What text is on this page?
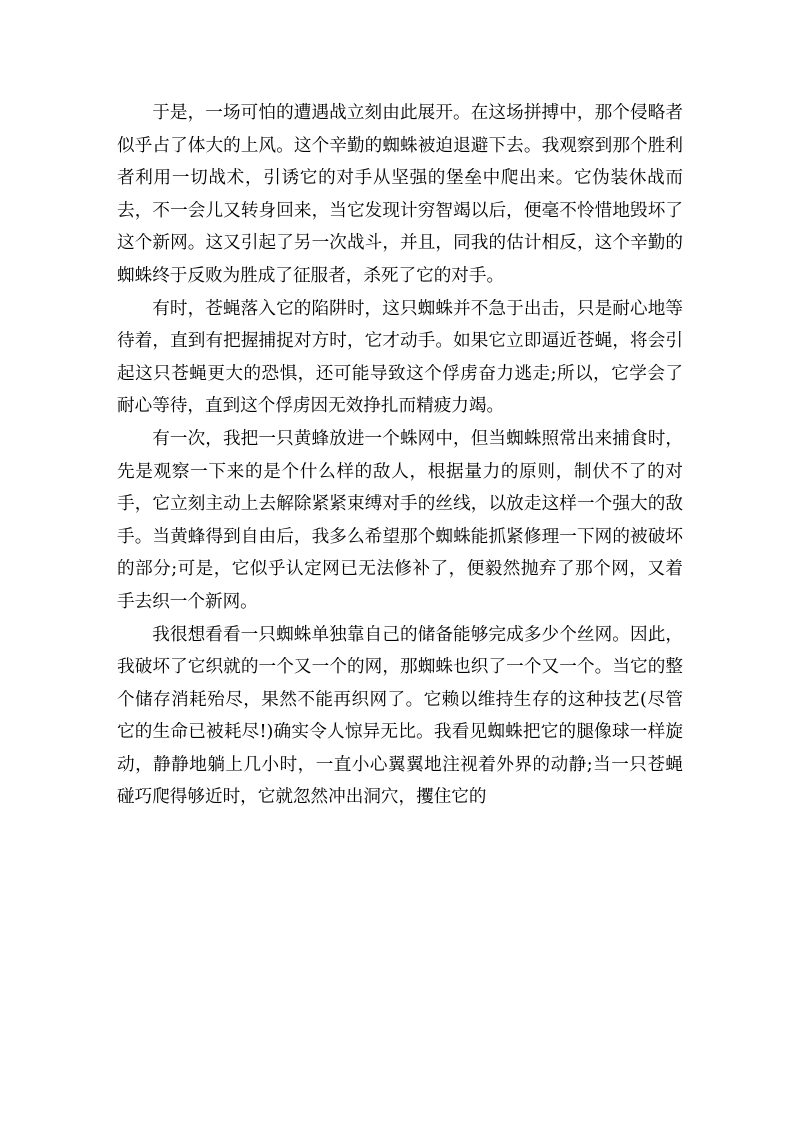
于是，一场可怕的遭遇战立刻由此展开。在这场拼搏中，那个侵略者似乎占了体大的上风。这个辛勤的蜘蛛被迫退避下去。我观察到那个胜利者利用一切战术，引诱它的对手从坚强的堡垒中爬出来。它伪装休战而去，不一会儿又转身回来，当它发现计穷智竭以后，便毫不怜惜地毁坏了这个新网。这又引起了另一次战斗，并且，同我的估计相反，这个辛勤的蜘蛛终于反败为胜成了征服者，杀死了它的对手。

有时，苍蝇落入它的陷阱时，这只蜘蛛并不急于出击，只是耐心地等待着，直到有把握捕捉对方时，它才动手。如果它立即逼近苍蝇，将会引起这只苍蝇更大的恐惧，还可能导致这个俘虏奋力逃走;所以，它学会了耐心等待，直到这个俘虏因无效挣扎而精疲力竭。

有一次，我把一只黄蜂放进一个蛛网中，但当蜘蛛照常出来捕食时，先是观察一下来的是个什么样的敌人，根据量力的原则，制伏不了的对手，它立刻主动上去解除紧紧束缚对手的丝线，以放走这样一个强大的敌手。当黄蜂得到自由后，我多么希望那个蜘蛛能抓紧修理一下网的被破坏的部分;可是，它似乎认定网已无法修补了，便毅然抛弃了那个网，又着手去织一个新网。

我很想看看一只蜘蛛单独靠自己的储备能够完成多少个丝网。因此，我破坏了它织就的一个又一个的网，那蜘蛛也织了一个又一个。当它的整个储存消耗殆尽，果然不能再织网了。它赖以维持生存的这种技艺(尽管它的生命已被耗尽!)确实令人惊异无比。我看见蜘蛛把它的腿像球一样旋动，静静地躺上几小时，一直小心翼翼地注视着外界的动静;当一只苍蝇碰巧爬得够近时，它就忽然冲出洞穴，攫住它的
